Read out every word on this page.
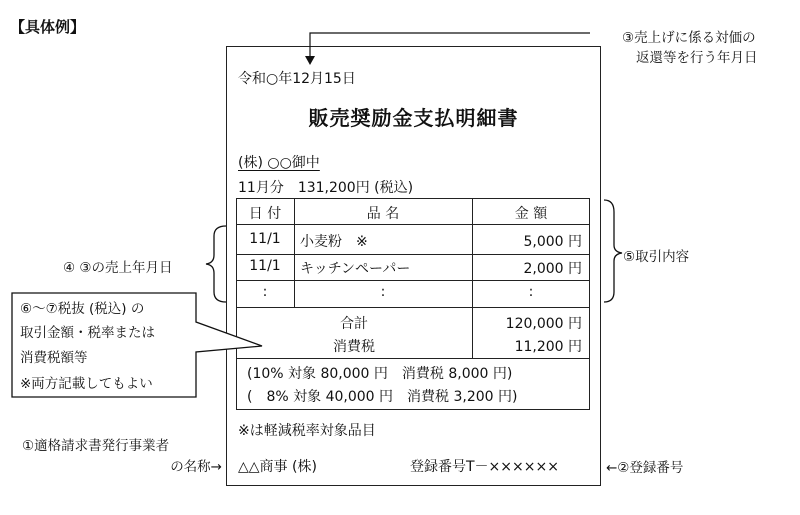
【具体例】
令和○年12月15日
販売奨励金支払明細書
(株) ○○御中
11月分　131,200円 (税込)
日 付	品 名	金 額
11/1	小麦粉　※	5,000 円
11/1	キッチンペーパー	2,000 円
:	:	:
合計	120,000 円
消費税	11,200 円
(10% 対象 80,000 円　消費税 8,000 円)
(　8% 対象 40,000 円　消費税 3,200 円)
※は軽減税率対象品目
△△商事 (株)	登録番号T－××××××
③売上げに係る対価の
返還等を行う年月日
④ ③の売上年月日
⑤取引内容
⑥～⑦税抜 (税込) の
取引金額・税率または
消費税額等
※両方記載してもよい
①適格請求書発行事業者
の名称→	←②登録番号
